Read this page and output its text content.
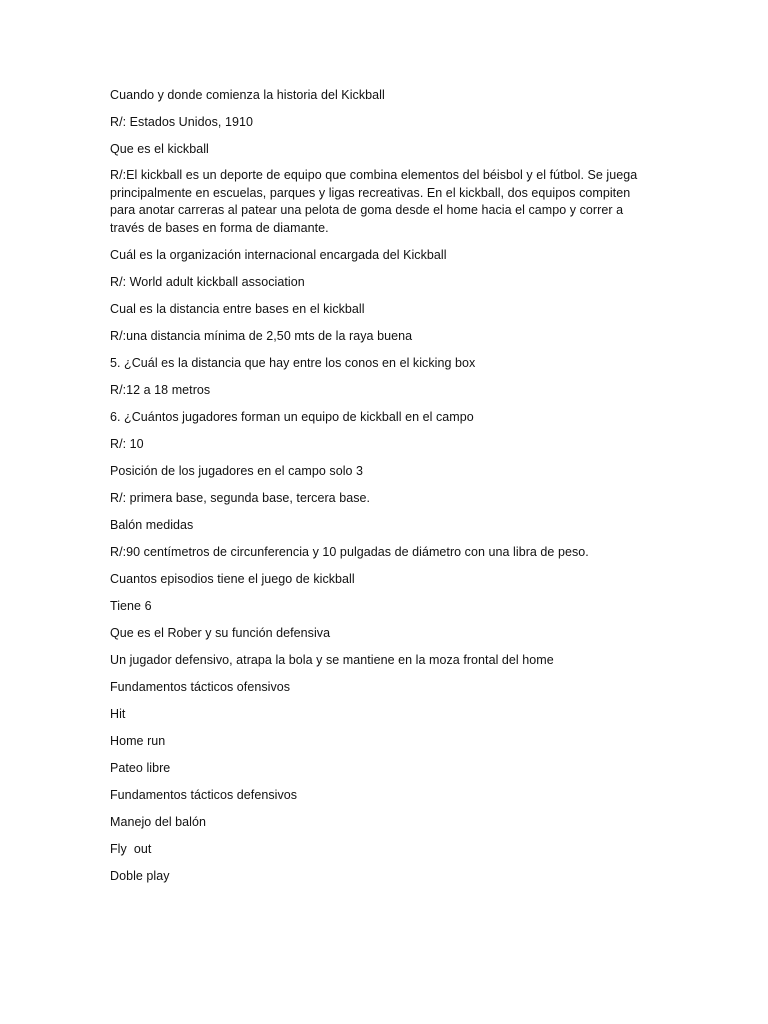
Cuando y donde comienza la historia del Kickball

R/: Estados Unidos, 1910

Que es el kickball

R/:El kickball es un deporte de equipo que combina elementos del béisbol y el fútbol. Se juega principalmente en escuelas, parques y ligas recreativas. En el kickball, dos equipos compiten para anotar carreras al patear una pelota de goma desde el home hacia el campo y correr a través de bases en forma de diamante.

Cuál es la organización internacional encargada del Kickball

R/: World adult kickball association

Cual es la distancia entre bases en el kickball

R/:una distancia mínima de 2,50 mts de la raya buena

5. ¿Cuál es la distancia que hay entre los conos en el kicking box

R/:12 a 18 metros

6. ¿Cuántos jugadores forman un equipo de kickball en el campo

R/: 10

Posición de los jugadores en el campo solo 3

R/: primera base, segunda base, tercera base.

Balón medidas

R/:90 centímetros de circunferencia y 10 pulgadas de diámetro con una libra de peso.

Cuantos episodios tiene el juego de kickball

Tiene 6

Que es el Rober y su función defensiva

Un jugador defensivo, atrapa la bola y se mantiene en la moza frontal del home

Fundamentos tácticos ofensivos

Hit

Home run

Pateo libre

Fundamentos tácticos defensivos

Manejo del balón

Fly  out

Doble play
